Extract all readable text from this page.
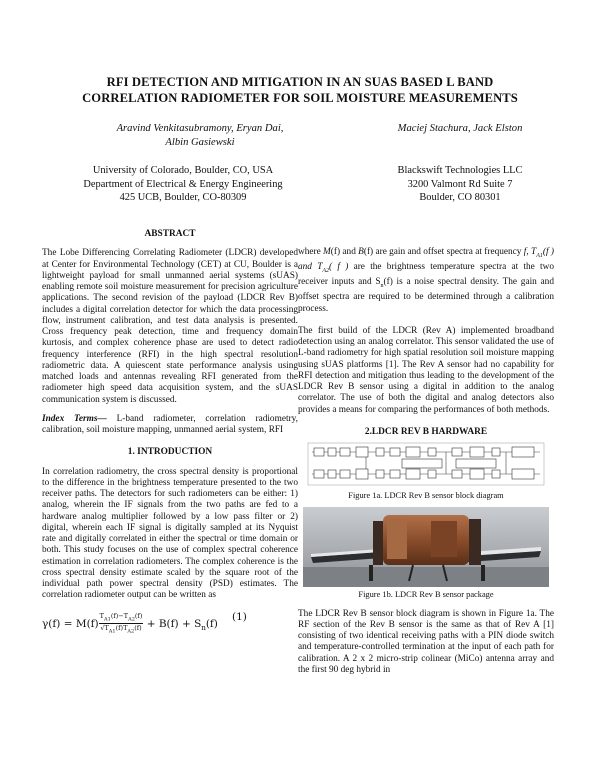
RFI DETECTION AND MITIGATION IN AN SUAS BASED L BAND
CORRELATION RADIOMETER FOR SOIL MOISTURE MEASUREMENTS
Aravind Venkitasubramony, Eryan Dai,
Albin Gasiewski
Maciej Stachura, Jack Elston
University of Colorado, Boulder, CO, USA
Department of Electrical & Energy Engineering
425 UCB, Boulder, CO-80309
Blackswift Technologies LLC
3200 Valmont Rd Suite 7
Boulder, CO 80301
ABSTRACT

The Lobe Differencing Correlating Radiometer (LDCR) developed at Center for Environmental Technology (CET) at CU, Boulder is a lightweight payload for small unmanned aerial systems (sUAS) enabling remote soil moisture measurement for precision agriculture applications. The second revision of the payload (LDCR Rev B) includes a digital correlation detector for which the data processing flow, instrument calibration, and test data analysis is presented. Cross frequency peak detection, time and frequency domain kurtosis, and complex coherence phase are used to detect radio frequency interference (RFI) in the high spectral resolution radiometric data. A quiescent state performance analysis using matched loads and antennas revealing RFI generated from the radiometer high speed data acquisition system, and the sUAS communication system is discussed.

Index Terms— L-band radiometer, correlation radiometry, calibration, soil moisture mapping, unmanned aerial system, RFI

1. INTRODUCTION

In correlation radiometry, the cross spectral density is proportional to the difference in the brightness temperature presented to the two receiver paths. The detectors for such radiometers can be either: 1) analog, wherein the IF signals from the two paths are fed to a hardware analog multiplier followed by a low pass filter or 2) digital, wherein each IF signal is digitally sampled at its Nyquist rate and digitally correlated in either the spectral or time domain or both. This study focuses on the use of complex spectral coherence estimation in correlation radiometers. The complex coherence is the cross spectral density estimate scaled by the square root of the individual path power spectral density (PSD) estimates. The correlation radiometer output can be written as

$\gamma(f) = M(f) \frac{T_{A1}(f)-T_{A2}(f)}{√T_{A1}(f)T_{A2}(f)} + B(f) + S_n(f)$
(1)

where M(f) and B(f) are gain and offset spectra at frequency f, $T_{A1}(f$ ) and $T_{A2}$( f ) are the brightness temperature spectra at the two receiver inputs and $S_n(f)$ is a noise spectral density. The gain and offset spectra are required to be determined through a calibration process.

The first build of the LDCR (Rev A) implemented broadband detection using an analog correlator. This sensor validated the use of L-band radiometry for high spatial resolution soil moisture mapping using sUAS platforms [1]. The Rev A sensor had no capability for RFI detection and mitigation thus leading to the development of the LDCR Rev B sensor using a digital in addition to the analog correlator. The use of both the digital and analog detectors also provides a means for comparing the performances of both methods.

2.LDCR REV B HARDWARE
Figure 1a. LDCR Rev B sensor block diagram
Figure 1b. LDCR Rev B sensor package

The LDCR Rev B sensor block diagram is shown in Figure 1a. The RF section of the Rev B sensor is the same as that of Rev A [1] consisting of two identical receiving paths with a PIN diode switch and temperature-controlled termination at the input of each path for calibration. A 2 x 2 micro-strip colinear (MiCo) antenna array and the first 90 deg hybrid in
